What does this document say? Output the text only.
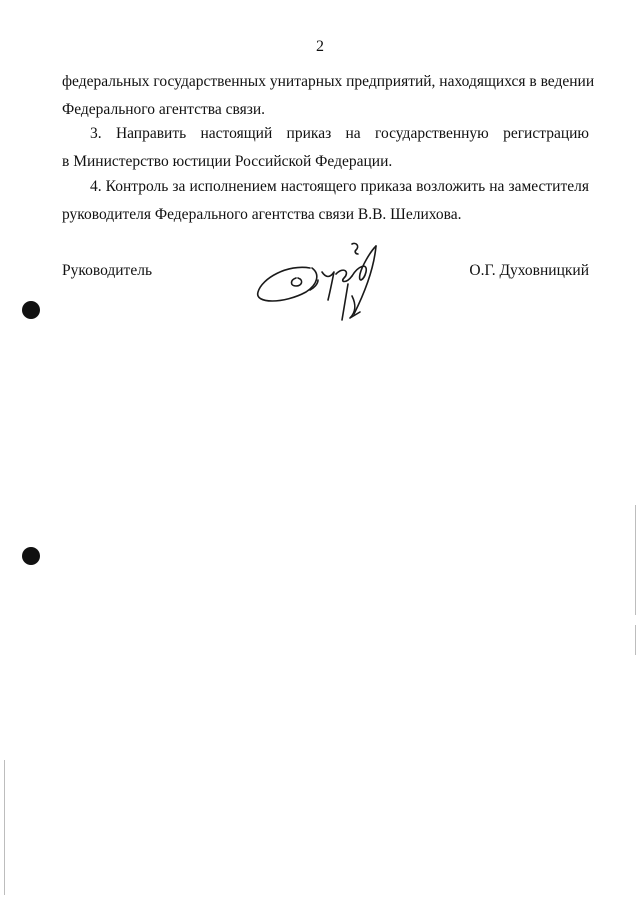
2

федеральных государственных унитарных предприятий, находящихся в ведении
Федерального агентства связи.

3. Направить настоящий приказ на государственную регистрацию
в Министерство юстиции Российской Федерации.

4. Контроль за исполнением настоящего приказа возложить на заместителя
руководителя Федерального агентства связи В.В. Шелихова.

Руководитель	О.Г. Духовницкий
